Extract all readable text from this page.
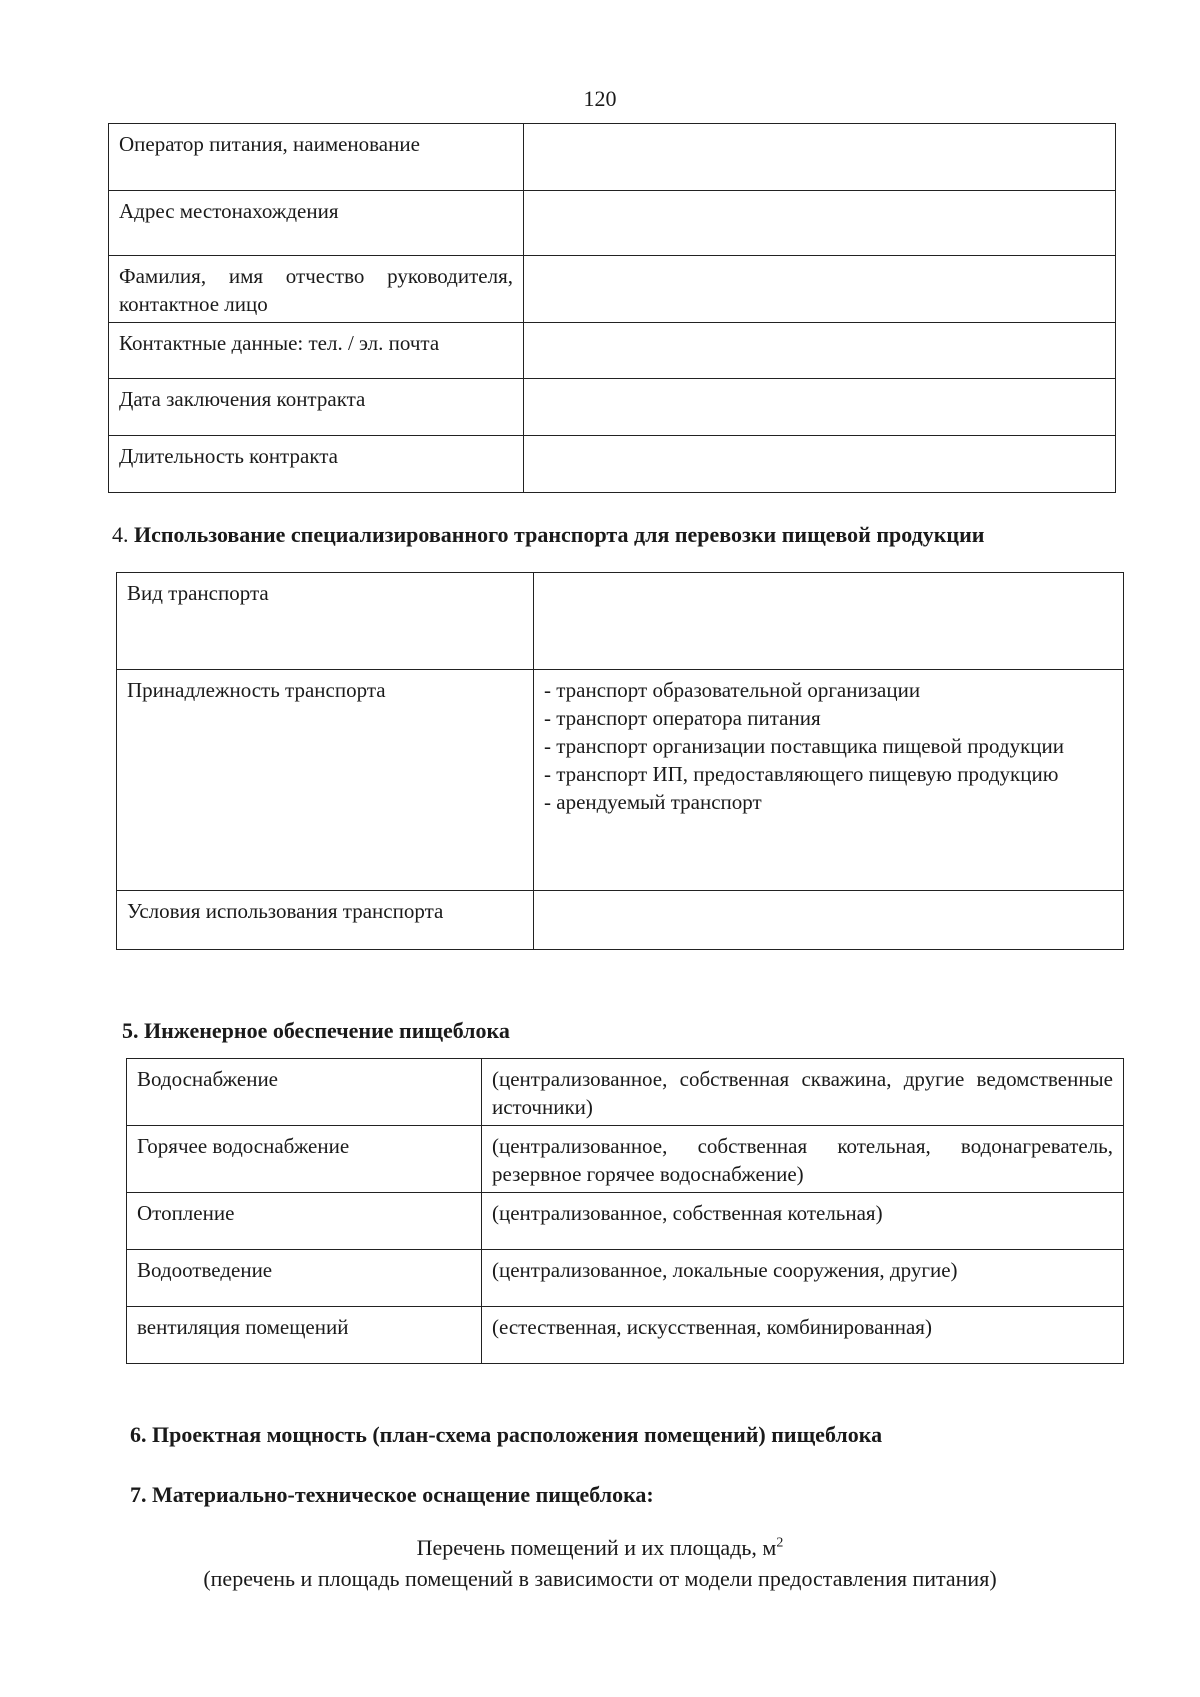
120
Оператор питания, наименование	
Адрес местонахождения	
Фамилия, имя отчество руководителя, контактное лицо	
Контактные данные: тел. / эл. почта	
Дата заключения контракта	
Длительность контракта	
4. Использование специализированного транспорта для перевозки пищевой продукции
Вид транспорта	
Принадлежность транспорта	- транспорт образовательной организации
- транспорт оператора питания
- транспорт организации поставщика пищевой продукции
- транспорт ИП, предоставляющего пищевую продукцию
- арендуемый транспорт

Условия использования транспорта	
5. Инженерное обеспечение пищеблока
Водоснабжение	(централизованное, собственная скважина, другие ведомственные источники)
Горячее водоснабжение	(централизованное, собственная котельная, водонагреватель, резервное горячее водоснабжение)
Отопление	(централизованное, собственная котельная)
Водоотведение	(централизованное, локальные сооружения, другие)
вентиляция помещений	(естественная, искусственная, комбинированная)
6. Проектная мощность (план-схема расположения помещений) пищеблока
7. Материально-техническое оснащение пищеблока:
Перечень помещений и их площадь, $м^2$
(перечень и площадь помещений в зависимости от модели предоставления питания)
